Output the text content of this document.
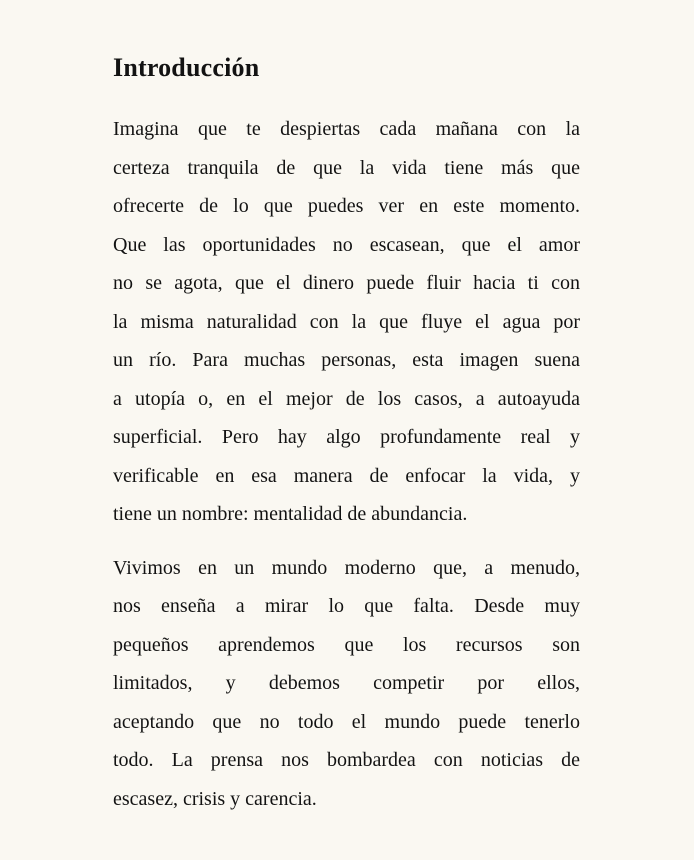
Introducción
Imagina que te despiertas cada mañana con la
certeza tranquila de que la vida tiene más que
ofrecerte de lo que puedes ver en este momento.
Que las oportunidades no escasean, que el amor
no se agota, que el dinero puede fluir hacia ti con
la misma naturalidad con la que fluye el agua por
un río. Para muchas personas, esta imagen suena
a utopía o, en el mejor de los casos, a autoayuda
superficial. Pero hay algo profundamente real y
verificable en esa manera de enfocar la vida, y
tiene un nombre: mentalidad de abundancia.
Vivimos en un mundo moderno que, a menudo,
nos enseña a mirar lo que falta. Desde muy
pequeños aprendemos que los recursos son
limitados, y debemos competir por ellos,
aceptando que no todo el mundo puede tenerlo
todo. La prensa nos bombardea con noticias de
escasez, crisis y carencia.
